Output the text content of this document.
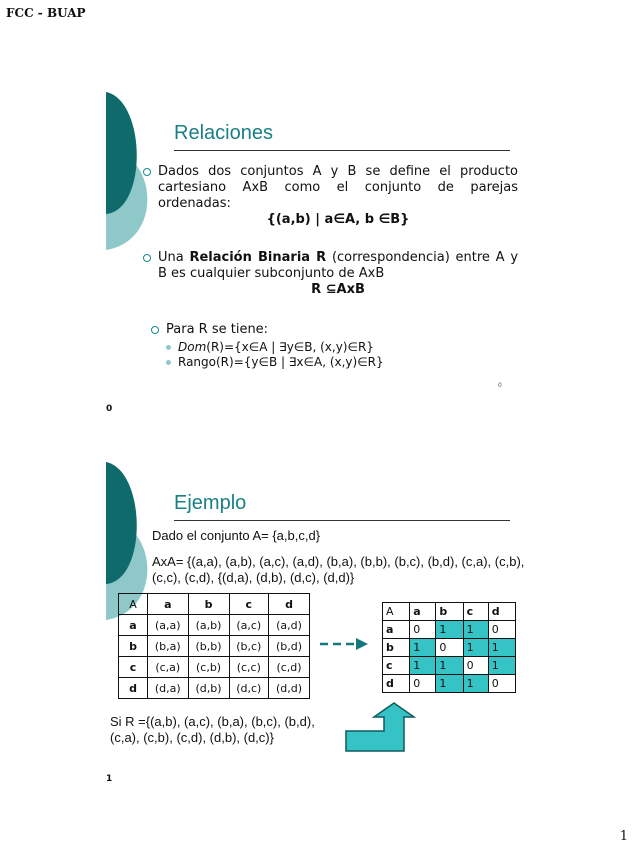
FCC - BUAP
Relaciones
Dados dos conjuntos A y B se define el producto cartesiano AxB como el conjunto de parejas ordenadas:
{(a,b) | a∈A, b ∈B}
Una Relación Binaria R (correspondencia) entre A y B es cualquier subconjunto de AxB
R ⊆AxB
Para R se tiene:
Dom(R)={x∈A | ∃y∈B, (x,y)∈R}
Rango(R)={y∈B | ∃x∈A, (x,y)∈R}
0
0
Ejemplo
Dado el conjunto A= {a,b,c,d}
AxA= {(a,a), (a,b), (a,c), (a,d), (b,a), (b,b), (b,c), (b,d), (c,a), (c,b), (c,c), (c,d), {(d,a), (d,b), (d,c), (d,d)}
A	a	b	c	d
a	(a,a)	(a,b)	(a,c)	(a,d)
b	(b,a)	(b,b)	(b,c)	(b,d)
c	(c,a)	(c,b)	(c,c)	(c,d)
d	(d,a)	(d,b)	(d,c)	(d,d)
A	a	b	c	d
a	0	1	1	0
b	1	0	1	1
c	1	1	0	1
d	0	1	1	0
Si R ={(a,b), (a,c), (b,a), (b,c), (b,d), (c,a), (c,b), (c,d), (d,b), (d,c)}
1
1
